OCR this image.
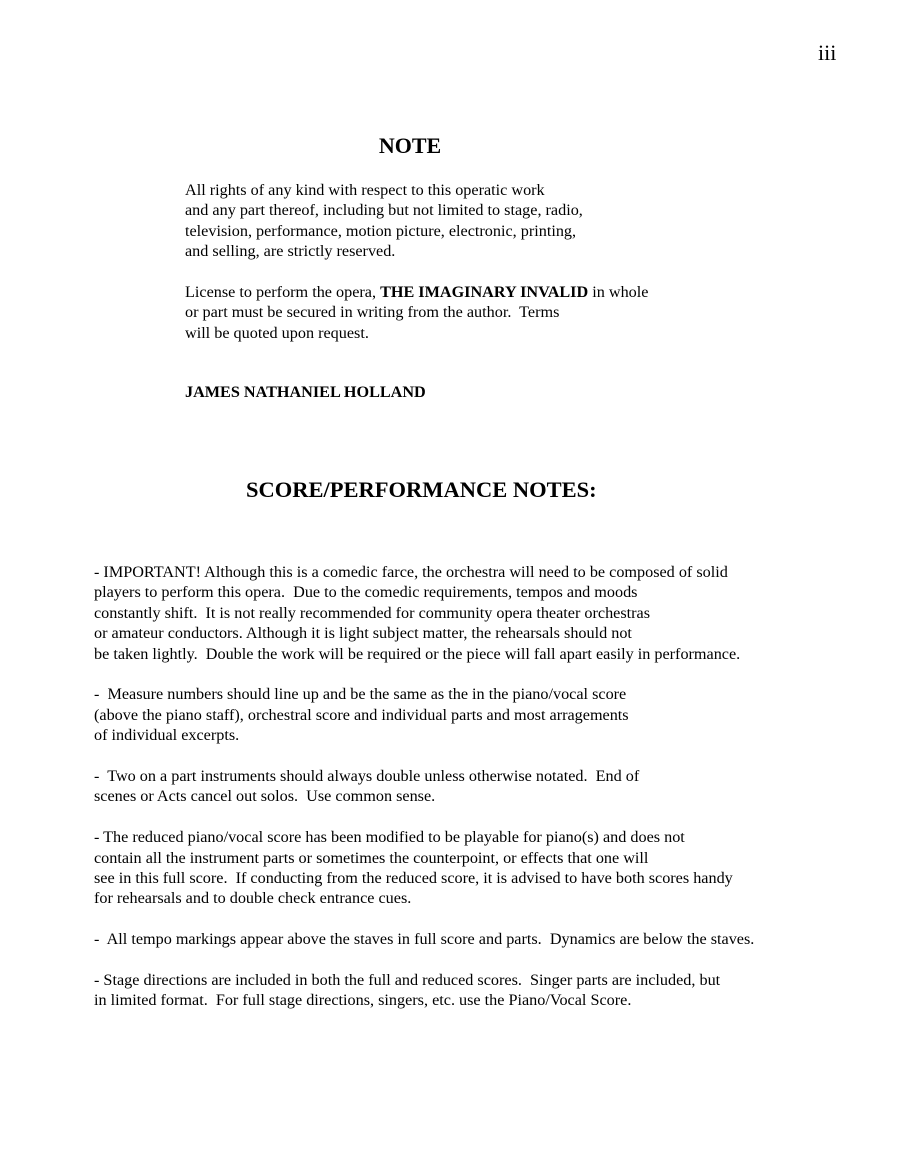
iii
NOTE
All rights of any kind with respect to this operatic work
and any part thereof, including but not limited to stage, radio,
television, performance, motion picture, electronic, printing,
and selling, are strictly reserved.
License to perform the opera, THE IMAGINARY INVALID in whole
or part must be secured in writing from the author.  Terms
will be quoted upon request.
JAMES NATHANIEL HOLLAND
SCORE/PERFORMANCE NOTES:
- IMPORTANT! Although this is a comedic farce, the orchestra will need to be composed of solid
players to perform this opera.  Due to the comedic requirements, tempos and moods
constantly shift.  It is not really recommended for community opera theater orchestras
or amateur conductors. Although it is light subject matter, the rehearsals should not
be taken lightly.  Double the work will be required or the piece will fall apart easily in performance.
-  Measure numbers should line up and be the same as the in the piano/vocal score
(above the piano staff), orchestral score and individual parts and most arragements
of individual excerpts.
-  Two on a part instruments should always double unless otherwise notated.  End of
scenes or Acts cancel out solos.  Use common sense.
- The reduced piano/vocal score has been modified to be playable for piano(s) and does not
contain all the instrument parts or sometimes the counterpoint, or effects that one will
see in this full score.  If conducting from the reduced score, it is advised to have both scores handy
for rehearsals and to double check entrance cues.
-  All tempo markings appear above the staves in full score and parts.  Dynamics are below the staves.
- Stage directions are included in both the full and reduced scores.  Singer parts are included, but
in limited format.  For full stage directions, singers, etc. use the Piano/Vocal Score.
